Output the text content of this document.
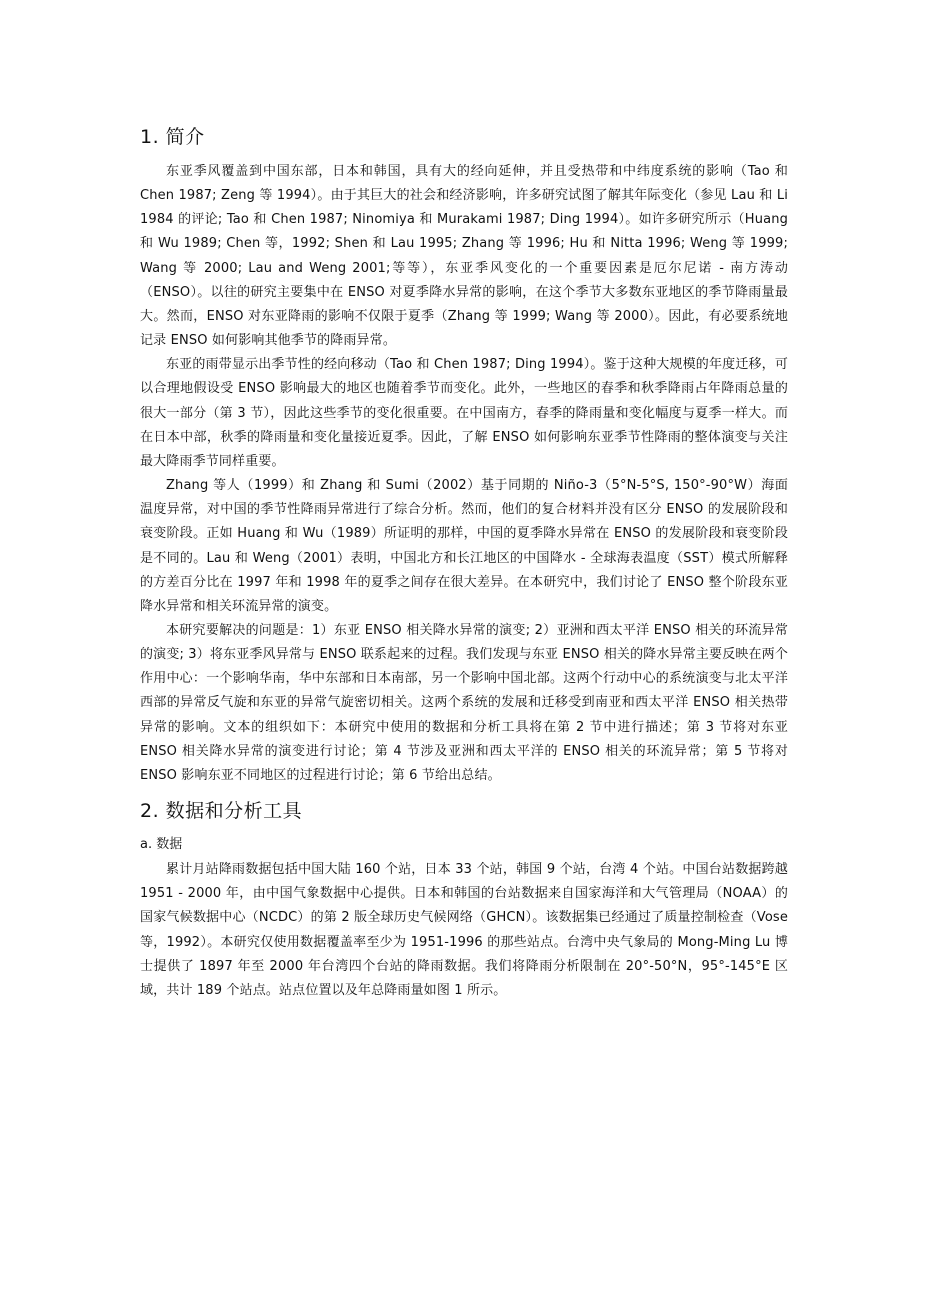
1. 简介

东亚季风覆盖到中国东部，日本和韩国，具有大的经向延伸，并且受热带和中纬度系统的影响（Tao 和 Chen 1987; Zeng 等 1994）。由于其巨大的社会和经济影响，许多研究试图了解其年际变化（参见 Lau 和 Li 1984 的评论; Tao 和 Chen 1987; Ninomiya 和 Murakami 1987; Ding 1994）。如许多研究所示（Huang 和 Wu 1989; Chen 等，1992; Shen 和 Lau 1995; Zhang 等 1996; Hu 和 Nitta 1996; Weng 等 1999; Wang 等 2000; Lau and Weng 2001;等等），东亚季风变化的一个重要因素是厄尔尼诺 - 南方涛动（ENSO）。以往的研究主要集中在 ENSO 对夏季降水异常的影响，在这个季节大多数东亚地区的季节降雨量最大。然而，ENSO 对东亚降雨的影响不仅限于夏季（Zhang 等 1999; Wang 等 2000）。因此，有必要系统地记录 ENSO 如何影响其他季节的降雨异常。

东亚的雨带显示出季节性的经向移动（Tao 和 Chen 1987; Ding 1994）。鉴于这种大规模的年度迁移，可以合理地假设受 ENSO 影响最大的地区也随着季节而变化。此外，一些地区的春季和秋季降雨占年降雨总量的很大一部分（第 3 节），因此这些季节的变化很重要。在中国南方，春季的降雨量和变化幅度与夏季一样大。而在日本中部，秋季的降雨量和变化量接近夏季。因此，了解 ENSO 如何影响东亚季节性降雨的整体演变与关注最大降雨季节同样重要。

Zhang 等人（1999）和 Zhang 和 Sumi（2002）基于同期的 Niño-3（5°N-5°S, 150°-90°W）海面温度异常，对中国的季节性降雨异常进行了综合分析。然而，他们的复合材料并没有区分 ENSO 的发展阶段和衰变阶段。正如 Huang 和 Wu（1989）所证明的那样，中国的夏季降水异常在 ENSO 的发展阶段和衰变阶段是不同的。Lau 和 Weng（2001）表明，中国北方和长江地区的中国降水 - 全球海表温度（SST）模式所解释的方差百分比在 1997 年和 1998 年的夏季之间存在很大差异。在本研究中，我们讨论了 ENSO 整个阶段东亚降水异常和相关环流异常的演变。

本研究要解决的问题是：1）东亚 ENSO 相关降水异常的演变; 2）亚洲和西太平洋 ENSO 相关的环流异常的演变; 3）将东亚季风异常与 ENSO 联系起来的过程。我们发现与东亚 ENSO 相关的降水异常主要反映在两个作用中心：一个影响华南，华中东部和日本南部，另一个影响中国北部。这两个行动中心的系统演变与北太平洋西部的异常反气旋和东亚的异常气旋密切相关。这两个系统的发展和迁移受到南亚和西太平洋 ENSO 相关热带异常的影响。文本的组织如下：本研究中使用的数据和分析工具将在第 2 节中进行描述；第 3 节将对东亚 ENSO 相关降水异常的演变进行讨论；第 4 节涉及亚洲和西太平洋的 ENSO 相关的环流异常；第 5 节将对 ENSO 影响东亚不同地区的过程进行讨论；第 6 节给出总结。

2. 数据和分析工具
a. 数据

累计月站降雨数据包括中国大陆 160 个站，日本 33 个站，韩国 9 个站，台湾 4 个站。中国台站数据跨越 1951 - 2000 年，由中国气象数据中心提供。日本和韩国的台站数据来自国家海洋和大气管理局（NOAA）的国家气候数据中心（NCDC）的第 2 版全球历史气候网络（GHCN）。该数据集已经通过了质量控制检查（Vose 等，1992）。本研究仅使用数据覆盖率至少为 1951-1996 的那些站点。台湾中央气象局的 Mong-Ming Lu 博士提供了 1897 年至 2000 年台湾四个台站的降雨数据。我们将降雨分析限制在 20°-50°N，95°-145°E 区域，共计 189 个站点。站点位置以及年总降雨量如图 1 所示。
